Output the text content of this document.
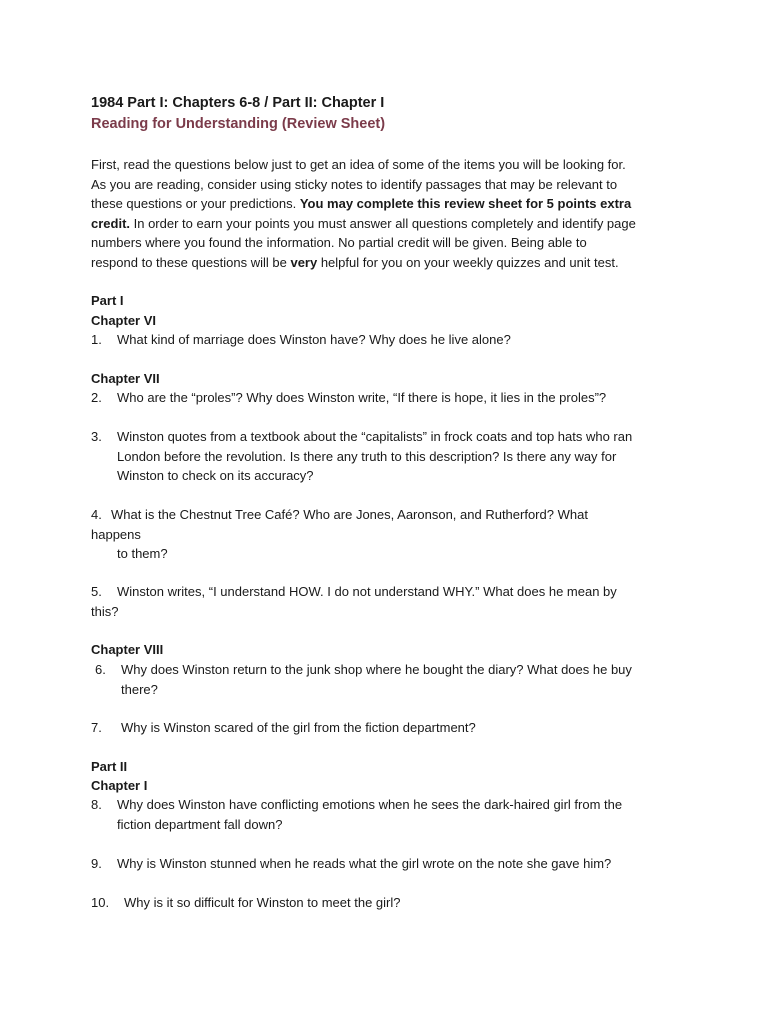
1984 Part I: Chapters 6-8 / Part II: Chapter I
Reading for Understanding (Review Sheet)

First, read the questions below just to get an idea of some of the items you will be looking for.
As you are reading, consider using sticky notes to identify passages that may be relevant to
these questions or your predictions. You may complete this review sheet for 5 points extra
credit. In order to earn your points you must answer all questions completely and identify page
numbers where you found the information. No partial credit will be given. Being able to
respond to these questions will be very helpful for you on your weekly quizzes and unit test.

Part I
Chapter VI
1. What kind of marriage does Winston have? Why does he live alone?
Chapter VII
2. Who are the “proles”? Why does Winston write, “If there is hope, it lies in the proles”?
3. Winston quotes from a textbook about the “capitalists” in frock coats and top hats who ran
London before the revolution. Is there any truth to this description? Is there any way for
Winston to check on its accuracy?
4. What is the Chestnut Tree Café? Who are Jones, Aaronson, and Rutherford? What
happens
to them?
5.	Winston writes, “I understand HOW. I do not understand WHY.” What does he mean by
this?
Chapter VIII
6. Why does Winston return to the junk shop where he bought the diary? What does he buy
there?
7. Why is Winston scared of the girl from the fiction department?
Part II
Chapter I
8. Why does Winston have conflicting emotions when he sees the dark-haired girl from the
fiction department fall down?
9. Why is Winston stunned when he reads what the girl wrote on the note she gave him?
10. Why is it so difficult for Winston to meet the girl?
